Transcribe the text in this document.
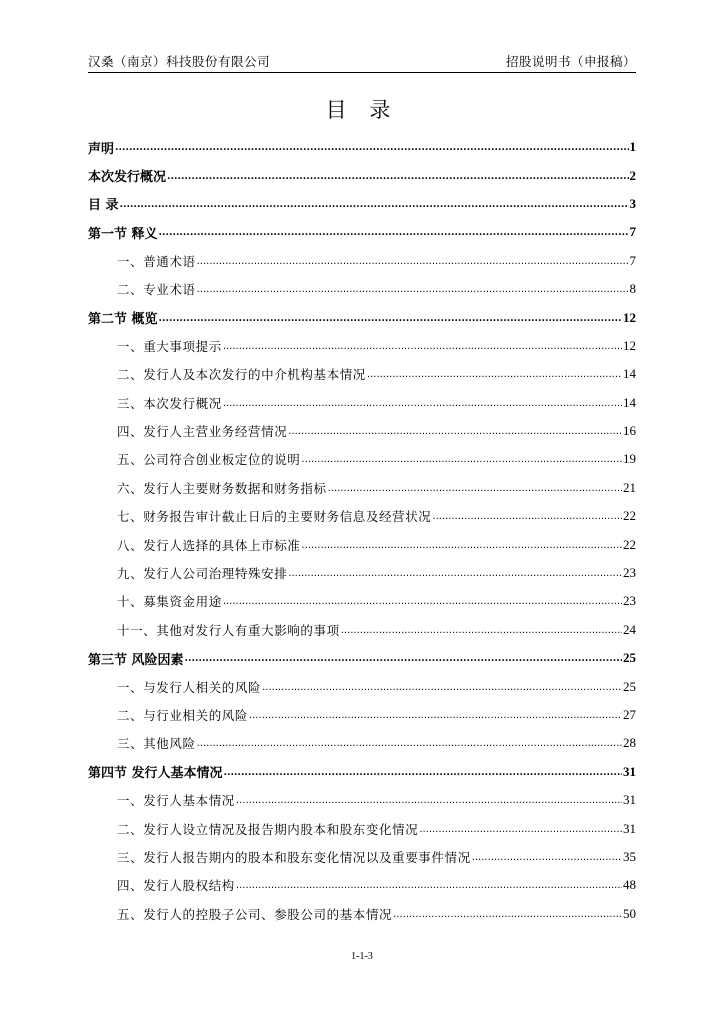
汉桑（南京）科技股份有限公司	招股说明书（申报稿）
目 录
声明 .....	1
本次发行概况 .....	2
目 录 .....	3
第一节 释义 .....	7
一、普通术语 .....	7
二、专业术语 .....	8
第二节 概览 .....	12
一、重大事项提示 .....	12
二、发行人及本次发行的中介机构基本情况 .....	14
三、本次发行概况 .....	14
四、发行人主营业务经营情况 .....	16
五、公司符合创业板定位的说明 .....	19
六、发行人主要财务数据和财务指标 .....	21
七、财务报告审计截止日后的主要财务信息及经营状况 .....	22
八、发行人选择的具体上市标准 .....	22
九、发行人公司治理特殊安排 .....	23
十、募集资金用途 .....	23
十一、其他对发行人有重大影响的事项 .....	24
第三节 风险因素 .....	25
一、与发行人相关的风险 .....	25
二、与行业相关的风险 .....	27
三、其他风险 .....	28
第四节 发行人基本情况 .....	31
一、发行人基本情况 .....	31
二、发行人设立情况及报告期内股本和股东变化情况 .....	31
三、发行人报告期内的股本和股东变化情况以及重要事件情况 .....	35
四、发行人股权结构 .....	48
五、发行人的控股子公司、参股公司的基本情况 .....	50
1-1-3
